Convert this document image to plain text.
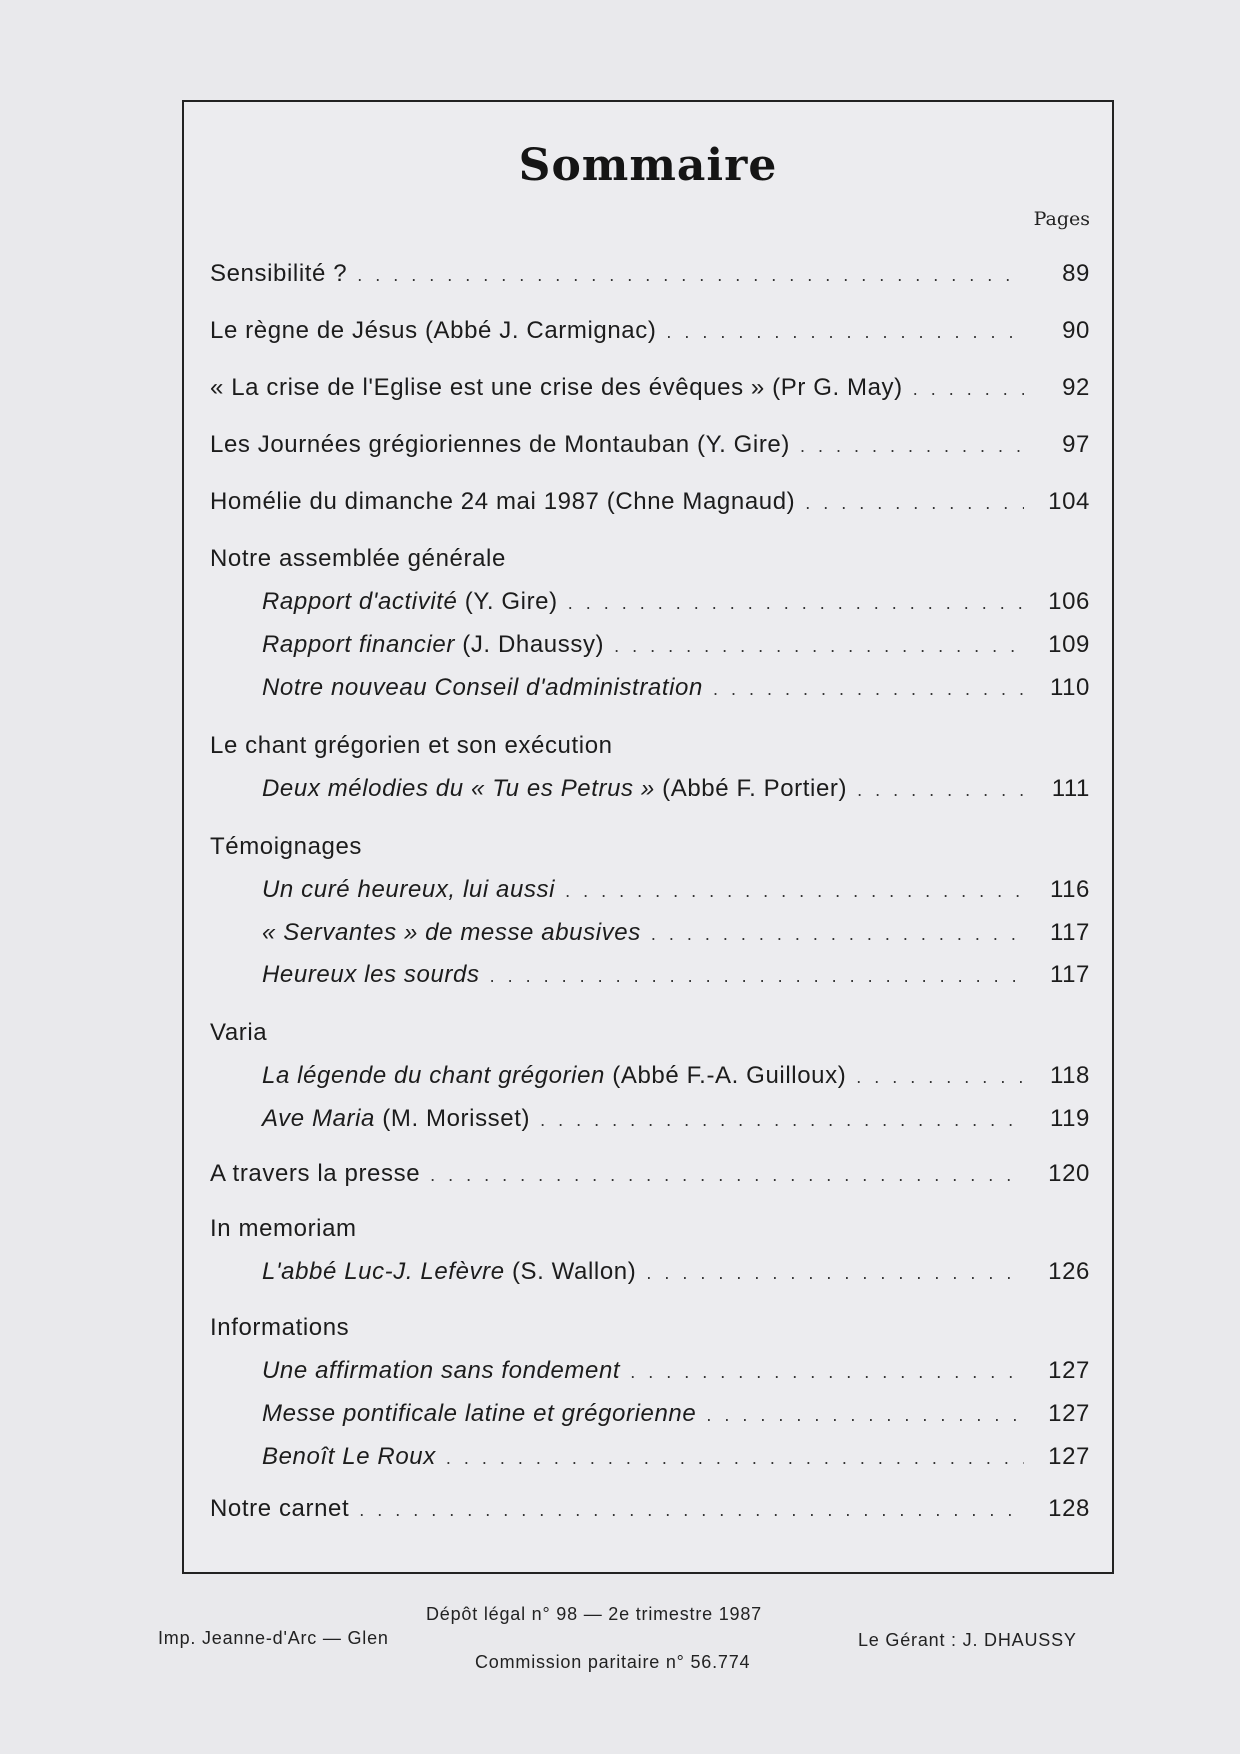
Sommaire
Pages
Sensibilité ? . . .	89
Le règne de Jésus (Abbé J. Carmignac) . . .	90
« La crise de l'Eglise est une crise des évêques » (Pr G. May) . . .	92
Les Journées grégioriennes de Montauban (Y. Gire) . . .	97
Homélie du dimanche 24 mai 1987 (Chne Magnaud) . . .	104
Notre assemblée générale
Rapport d'activité (Y. Gire) . . .	106
Rapport financier (J. Dhaussy) . . .	109
Notre nouveau Conseil d'administration . . .	110
Le chant grégorien et son exécution
Deux mélodies du « Tu es Petrus » (Abbé F. Portier) . . .	111
Témoignages
Un curé heureux, lui aussi . . .	116
« Servantes » de messe abusives . . .	117
Heureux les sourds . . .	117
Varia
La légende du chant grégorien (Abbé F.-A. Guilloux) . . .	118
Ave Maria (M. Morisset) . . .	119
A travers la presse . . .	120
In memoriam
L'abbé Luc-J. Lefèvre (S. Wallon) . . .	126
Informations
Une affirmation sans fondement . . .	127
Messe pontificale latine et grégorienne . . .	127
Benoît Le Roux . . .	127
Notre carnet . . .	128
Dépôt légal n° 98 — 2e trimestre 1987
Imp. Jeanne-d'Arc — Glen	Le Gérant : J. DHAUSSY
Commission paritaire n° 56.774
